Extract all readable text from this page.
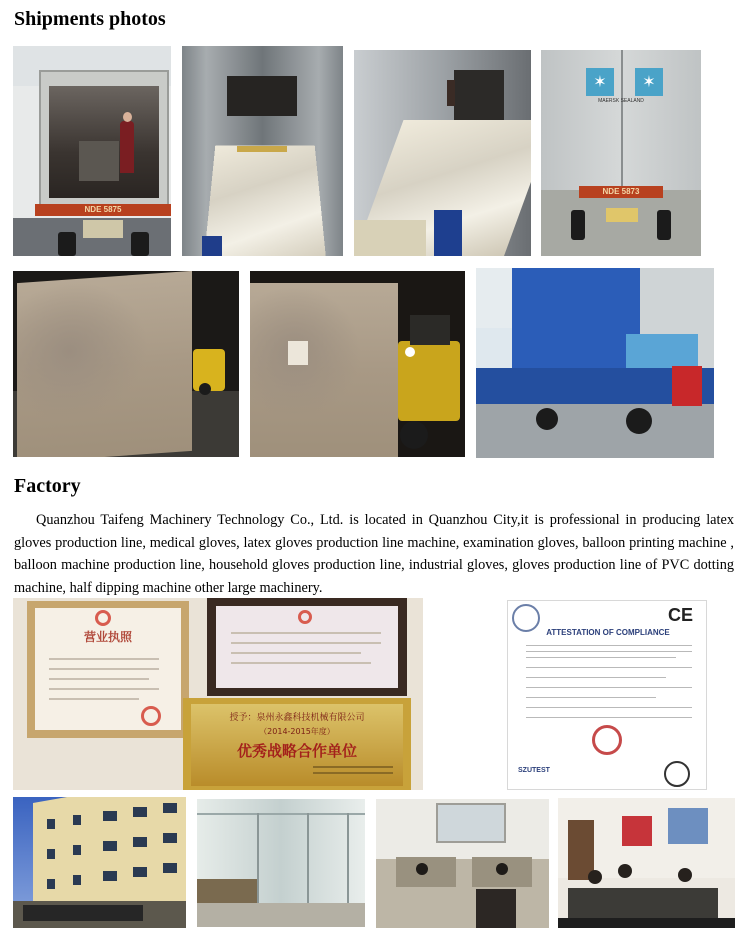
Shipments photos
NDE 5875
✶ ✶
MAERSK SEALAND
NDE 5873
Factory
Quanzhou Taifeng Machinery Technology Co., Ltd. is located in Quanzhou City,it is professional in producing latex gloves production line, medical gloves, latex gloves production line machine, examination gloves, balloon printing machine , balloon machine production line, household gloves production line, industrial gloves, gloves production line of PVC dotting machine, half dipping machine other large machinery.
营业执照
授予：泉州永鑫科技机械有限公司
（2014-2015年度）
优秀战略合作单位
CE
ATTESTATION OF COMPLIANCE
SZUTEST
